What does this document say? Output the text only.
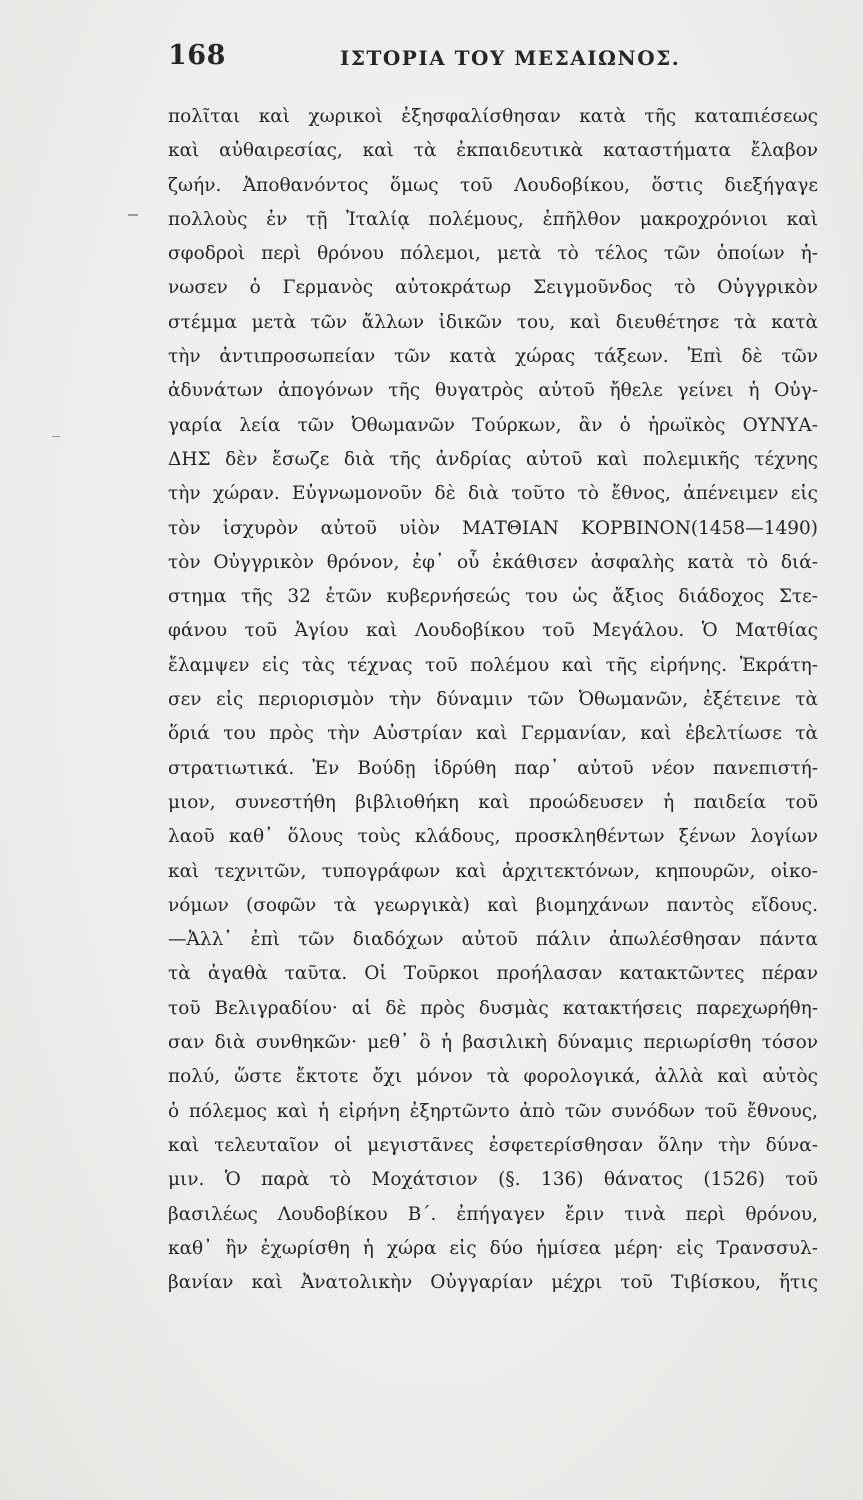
168	ΙΣΤΟΡΙΑ ΤΟΥ ΜΕΣΑΙΩΝΟΣ.
πολῖται καὶ χωρικοὶ ἐξησφαλίσθησαν κατὰ τῆς καταπιέσεως
καὶ αὐθαιρεσίας, καὶ τὰ ἐκπαιδευτικὰ καταστήματα ἔλαβον
ζωήν. Ἀποθανόντος ὅμως τοῦ Λουδοβίκου, ὅστις διεξήγαγε
πολλοὺς ἐν τῇ Ἰταλίᾳ πολέμους, ἐπῆλθον μακροχρόνιοι καὶ
σφοδροὶ περὶ θρόνου πόλεμοι, μετὰ τὸ τέλος τῶν ὁποίων ἠ-
νωσεν ὁ Γερμανὸς αὐτοκράτωρ Σειγμοῦνδος τὸ Οὐγγρικὸν
στέμμα μετὰ τῶν ἄλλων ἰδικῶν του, καὶ διευθέτησε τὰ κατὰ
τὴν ἀντιπροσωπείαν τῶν κατὰ χώρας τάξεων. Ἐπὶ δὲ τῶν
ἀδυνάτων ἀπογόνων τῆς θυγατρὸς αὐτοῦ ἤθελε γείνει ἡ Οὐγ-
γαρία λεία τῶν Ὀθωμανῶν Τούρκων, ἂν ὁ ἡρωϊκὸς ΟΥΝΥΑ-
ΔΗΣ δὲν ἔσωζε διὰ τῆς ἀνδρίας αὐτοῦ καὶ πολεμικῆς τέχνης
τὴν χώραν. Εὐγνωμονοῦν δὲ διὰ τοῦτο τὸ ἔθνος, ἀπένειμεν εἰς
τὸν ἰσχυρὸν αὐτοῦ υἱὸν ΜΑΤΘΙΑΝ ΚΟΡΒΙΝΟΝ(1458—1490)
τὸν Οὐγγρικὸν θρόνον, ἐφ᾽ οὗ ἐκάθισεν ἀσφαλὴς κατὰ τὸ διά-
στημα τῆς 32 ἐτῶν κυβερνήσεώς του ὡς ἄξιος διάδοχος Στε-
φάνου τοῦ Ἁγίου καὶ Λουδοβίκου τοῦ Μεγάλου. Ὁ Ματθίας
ἔλαμψεν εἰς τὰς τέχνας τοῦ πολέμου καὶ τῆς εἰρήνης. Ἐκράτη-
σεν εἰς περιορισμὸν τὴν δύναμιν τῶν Ὀθωμανῶν, ἐξέτεινε τὰ
ὅριά του πρὸς τὴν Αὐστρίαν καὶ Γερμανίαν, καὶ ἐβελτίωσε τὰ
στρατιωτικά. Ἐν Βούδῃ ἱδρύθη παρ᾽ αὐτοῦ νέον πανεπιστή-
μιον, συνεστήθη βιβλιοθήκη καὶ προώδευσεν ἡ παιδεία τοῦ
λαοῦ καθ᾽ ὅλους τοὺς κλάδους, προσκληθέντων ξένων λογίων
καὶ τεχνιτῶν, τυπογράφων καὶ ἀρχιτεκτόνων, κηπουρῶν, οἰκο-
νόμων (σοφῶν τὰ γεωργικὰ) καὶ βιομηχάνων παντὸς εἴδους.
—Ἀλλ᾽ ἐπὶ τῶν διαδόχων αὐτοῦ πάλιν ἀπωλέσθησαν πάντα
τὰ ἀγαθὰ ταῦτα. Οἱ Τοῦρκοι προήλασαν κατακτῶντες πέραν
τοῦ Βελιγραδίου· αἱ δὲ πρὸς δυσμὰς κατακτήσεις παρεχωρήθη-
σαν διὰ συνθηκῶν· μεθ᾽ ὃ ἡ βασιλικὴ δύναμις περιωρίσθη τόσον
πολύ, ὥστε ἔκτοτε ὄχι μόνον τὰ φορολογικά, ἀλλὰ καὶ αὐτὸς
ὁ πόλεμος καὶ ἡ εἰρήνη ἐξηρτῶντο ἀπὸ τῶν συνόδων τοῦ ἔθνους,
καὶ τελευταῖον οἱ μεγιστᾶνες ἐσφετερίσθησαν ὅλην τὴν δύνα-
μιν. Ὁ παρὰ τὸ Μοχάτσιον (§. 136) θάνατος (1526) τοῦ
βασιλέως Λουδοβίκου Β΄. ἐπήγαγεν ἔριν τινὰ περὶ θρόνου,
καθ᾽ ἣν ἐχωρίσθη ἡ χώρα εἰς δύο ἡμίσεα μέρη· εἰς Τρανσσυλ-
βανίαν καὶ Ἀνατολικὴν Οὐγγαρίαν μέχρι τοῦ Τιβίσκου, ἥτις
